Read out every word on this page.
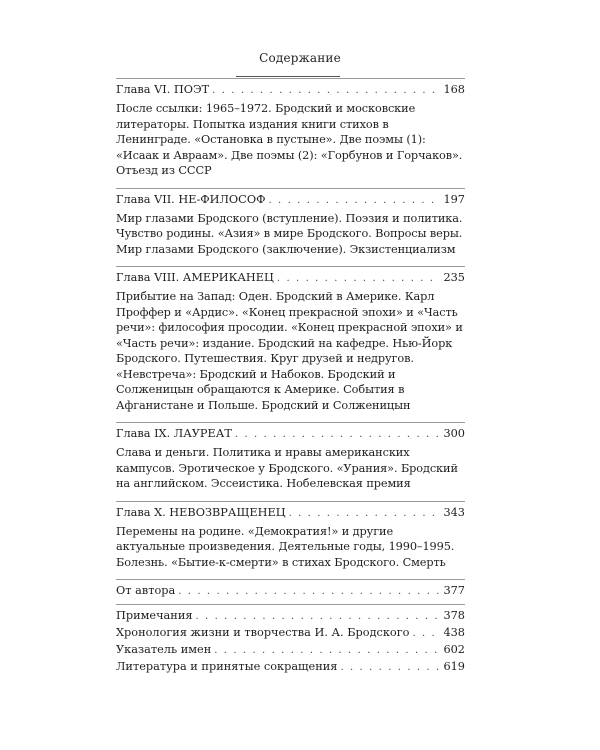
Содержание
Глава VI. ПОЭТ . . .	168
После ссылки: 1965–1972. Бродский и московские литераторы. Попытка издания книги стихов в Ленинграде. «Остановка в пустыне». Две поэмы (1): «Исаак и Авраам». Две поэмы (2): «Горбунов и Горчаков». Отъезд из СССР
Глава VII. НЕ-ФИЛОСОФ . . .	197
Мир глазами Бродского (вступление). Поэзия и политика. Чувство родины. «Азия» в мире Бродского. Вопросы веры. Мир глазами Бродского (заключение). Экзистенциализм
Глава VIII. АМЕРИКАНЕЦ . . .	235
Прибытие на Запад: Оден. Бродский в Америке. Карл Проффер и «Ардис». «Конец прекрасной эпохи» и «Часть речи»: философия просодии. «Конец прекрасной эпохи» и «Часть речи»: издание. Бродский на кафедре. Нью-Йорк Бродского. Путешествия. Круг друзей и недругов. «Невстреча»: Бродский и Набоков. Бродский и Солженицын обращаются к Америке. События в Афганистане и Польше. Бродский и Солженицын
Глава IX. ЛАУРЕАТ . . .	300
Слава и деньги. Политика и нравы американских кампусов. Эротическое у Бродского. «Урания». Бродский на английском. Эссеистика. Нобелевская премия
Глава X. НЕВОЗВРАЩЕНЕЦ . . .	343
Перемены на родине. «Демократия!» и другие актуальные произведения. Деятельные годы, 1990–1995. Болезнь. «Бытие-к-смерти» в стихах Бродского. Смерть
От автора . . .	377
Примечания . . .	378
Хронология жизни и творчества И. А. Бродского . . .	438
Указатель имен . . .	602
Литература и принятые сокращения . . .	619
